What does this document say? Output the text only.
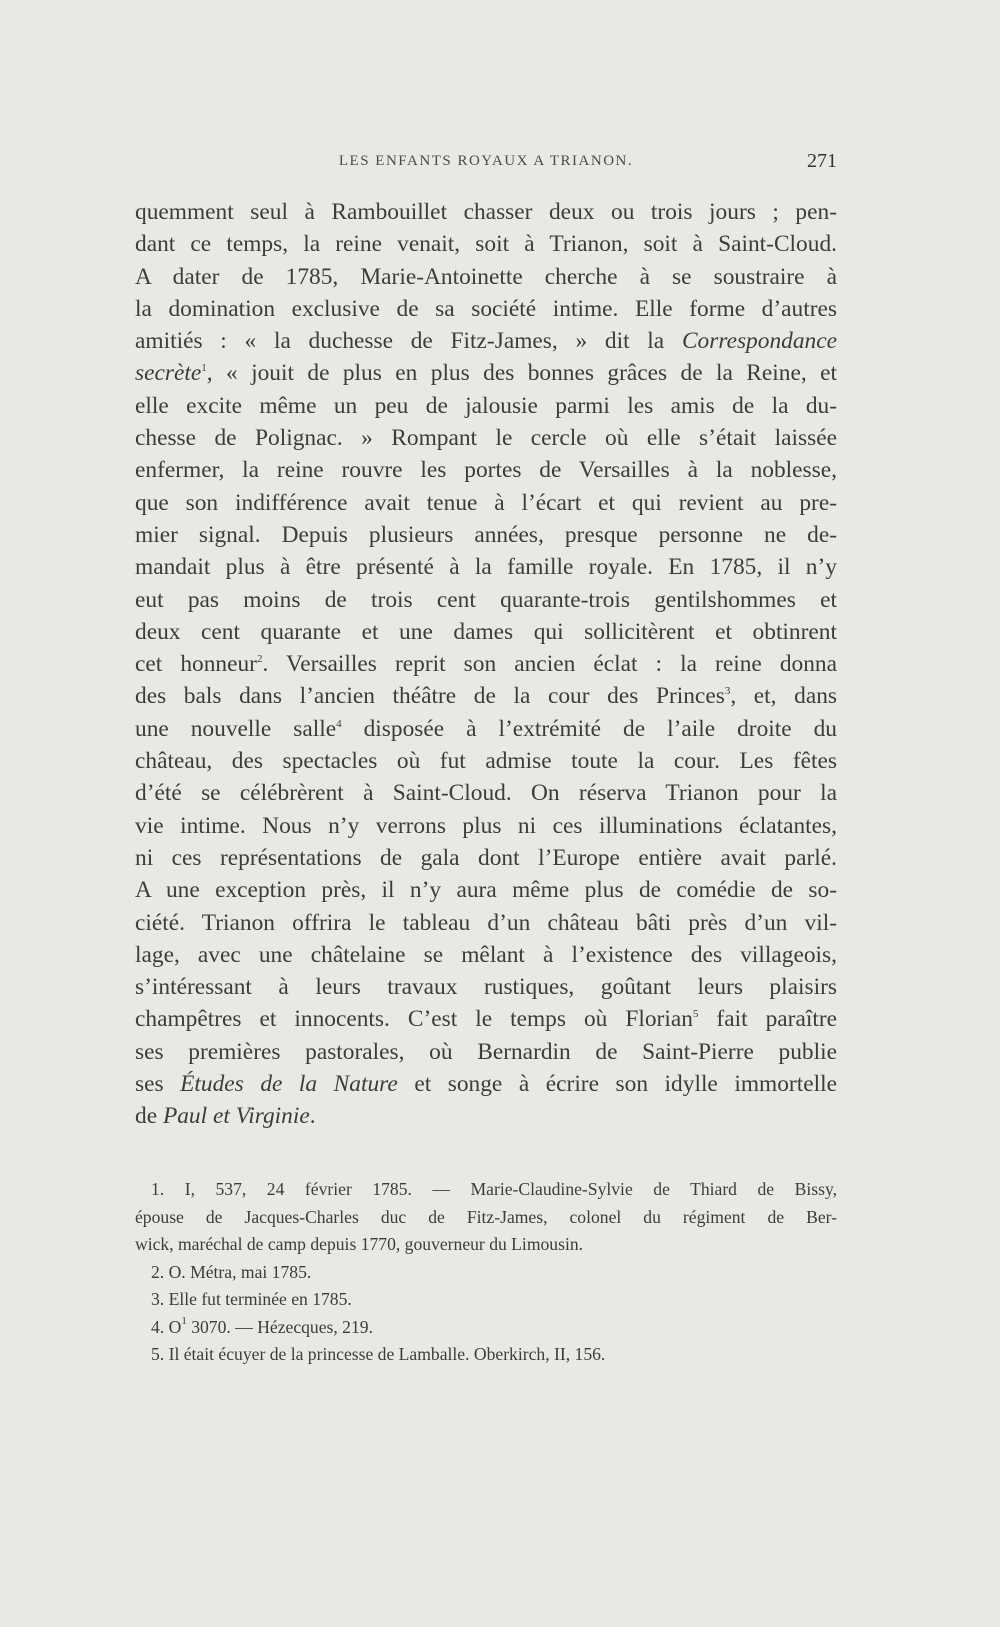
LES ENFANTS ROYAUX A TRIANON.	271
quemment seul à Rambouillet chasser deux ou trois jours ; pen-
dant ce temps, la reine venait, soit à Trianon, soit à Saint-Cloud.
A dater de 1785, Marie-Antoinette cherche à se soustraire à
la domination exclusive de sa société intime. Elle forme d’autres
amitiés : « la duchesse de Fitz-James, » dit la Correspondance
secrète$^1$, « jouit de plus en plus des bonnes grâces de la Reine, et
elle excite même un peu de jalousie parmi les amis de la du-
chesse de Polignac. » Rompant le cercle où elle s’était laissée
enfermer, la reine rouvre les portes de Versailles à la noblesse,
que son indifférence avait tenue à l’écart et qui revient au pre-
mier signal. Depuis plusieurs années, presque personne ne de-
mandait plus à être présenté à la famille royale. En 1785, il n’y
eut pas moins de trois cent quarante-trois gentilshommes et
deux cent quarante et une dames qui sollicitèrent et obtinrent
cet honneur$^2$. Versailles reprit son ancien éclat : la reine donna
des bals dans l’ancien théâtre de la cour des Princes$^3$, et, dans
une nouvelle salle$^4$ disposée à l’extrémité de l’aile droite du
château, des spectacles où fut admise toute la cour. Les fêtes
d’été se célébrèrent à Saint-Cloud. On réserva Trianon pour la
vie intime. Nous n’y verrons plus ni ces illuminations éclatantes,
ni ces représentations de gala dont l’Europe entière avait parlé.
A une exception près, il n’y aura même plus de comédie de so-
ciété. Trianon offrira le tableau d’un château bâti près d’un vil-
lage, avec une châtelaine se mêlant à l’existence des villageois,
s’intéressant à leurs travaux rustiques, goûtant leurs plaisirs
champêtres et innocents. C’est le temps où Florian$^5$ fait paraître
ses premières pastorales, où Bernardin de Saint-Pierre publie
ses Études de la Nature et songe à écrire son idylle immortelle
de Paul et Virginie.
1. I, 537, 24 février 1785. — Marie-Claudine-Sylvie de Thiard de Bissy,
épouse de Jacques-Charles duc de Fitz-James, colonel du régiment de Ber-
wick, maréchal de camp depuis 1770, gouverneur du Limousin.
2. O. Métra, mai 1785.
3. Elle fut terminée en 1785.
4. $O^1$ 3070. — Hézecques, 219.
5. Il était écuyer de la princesse de Lamballe. Oberkirch, II, 156.
